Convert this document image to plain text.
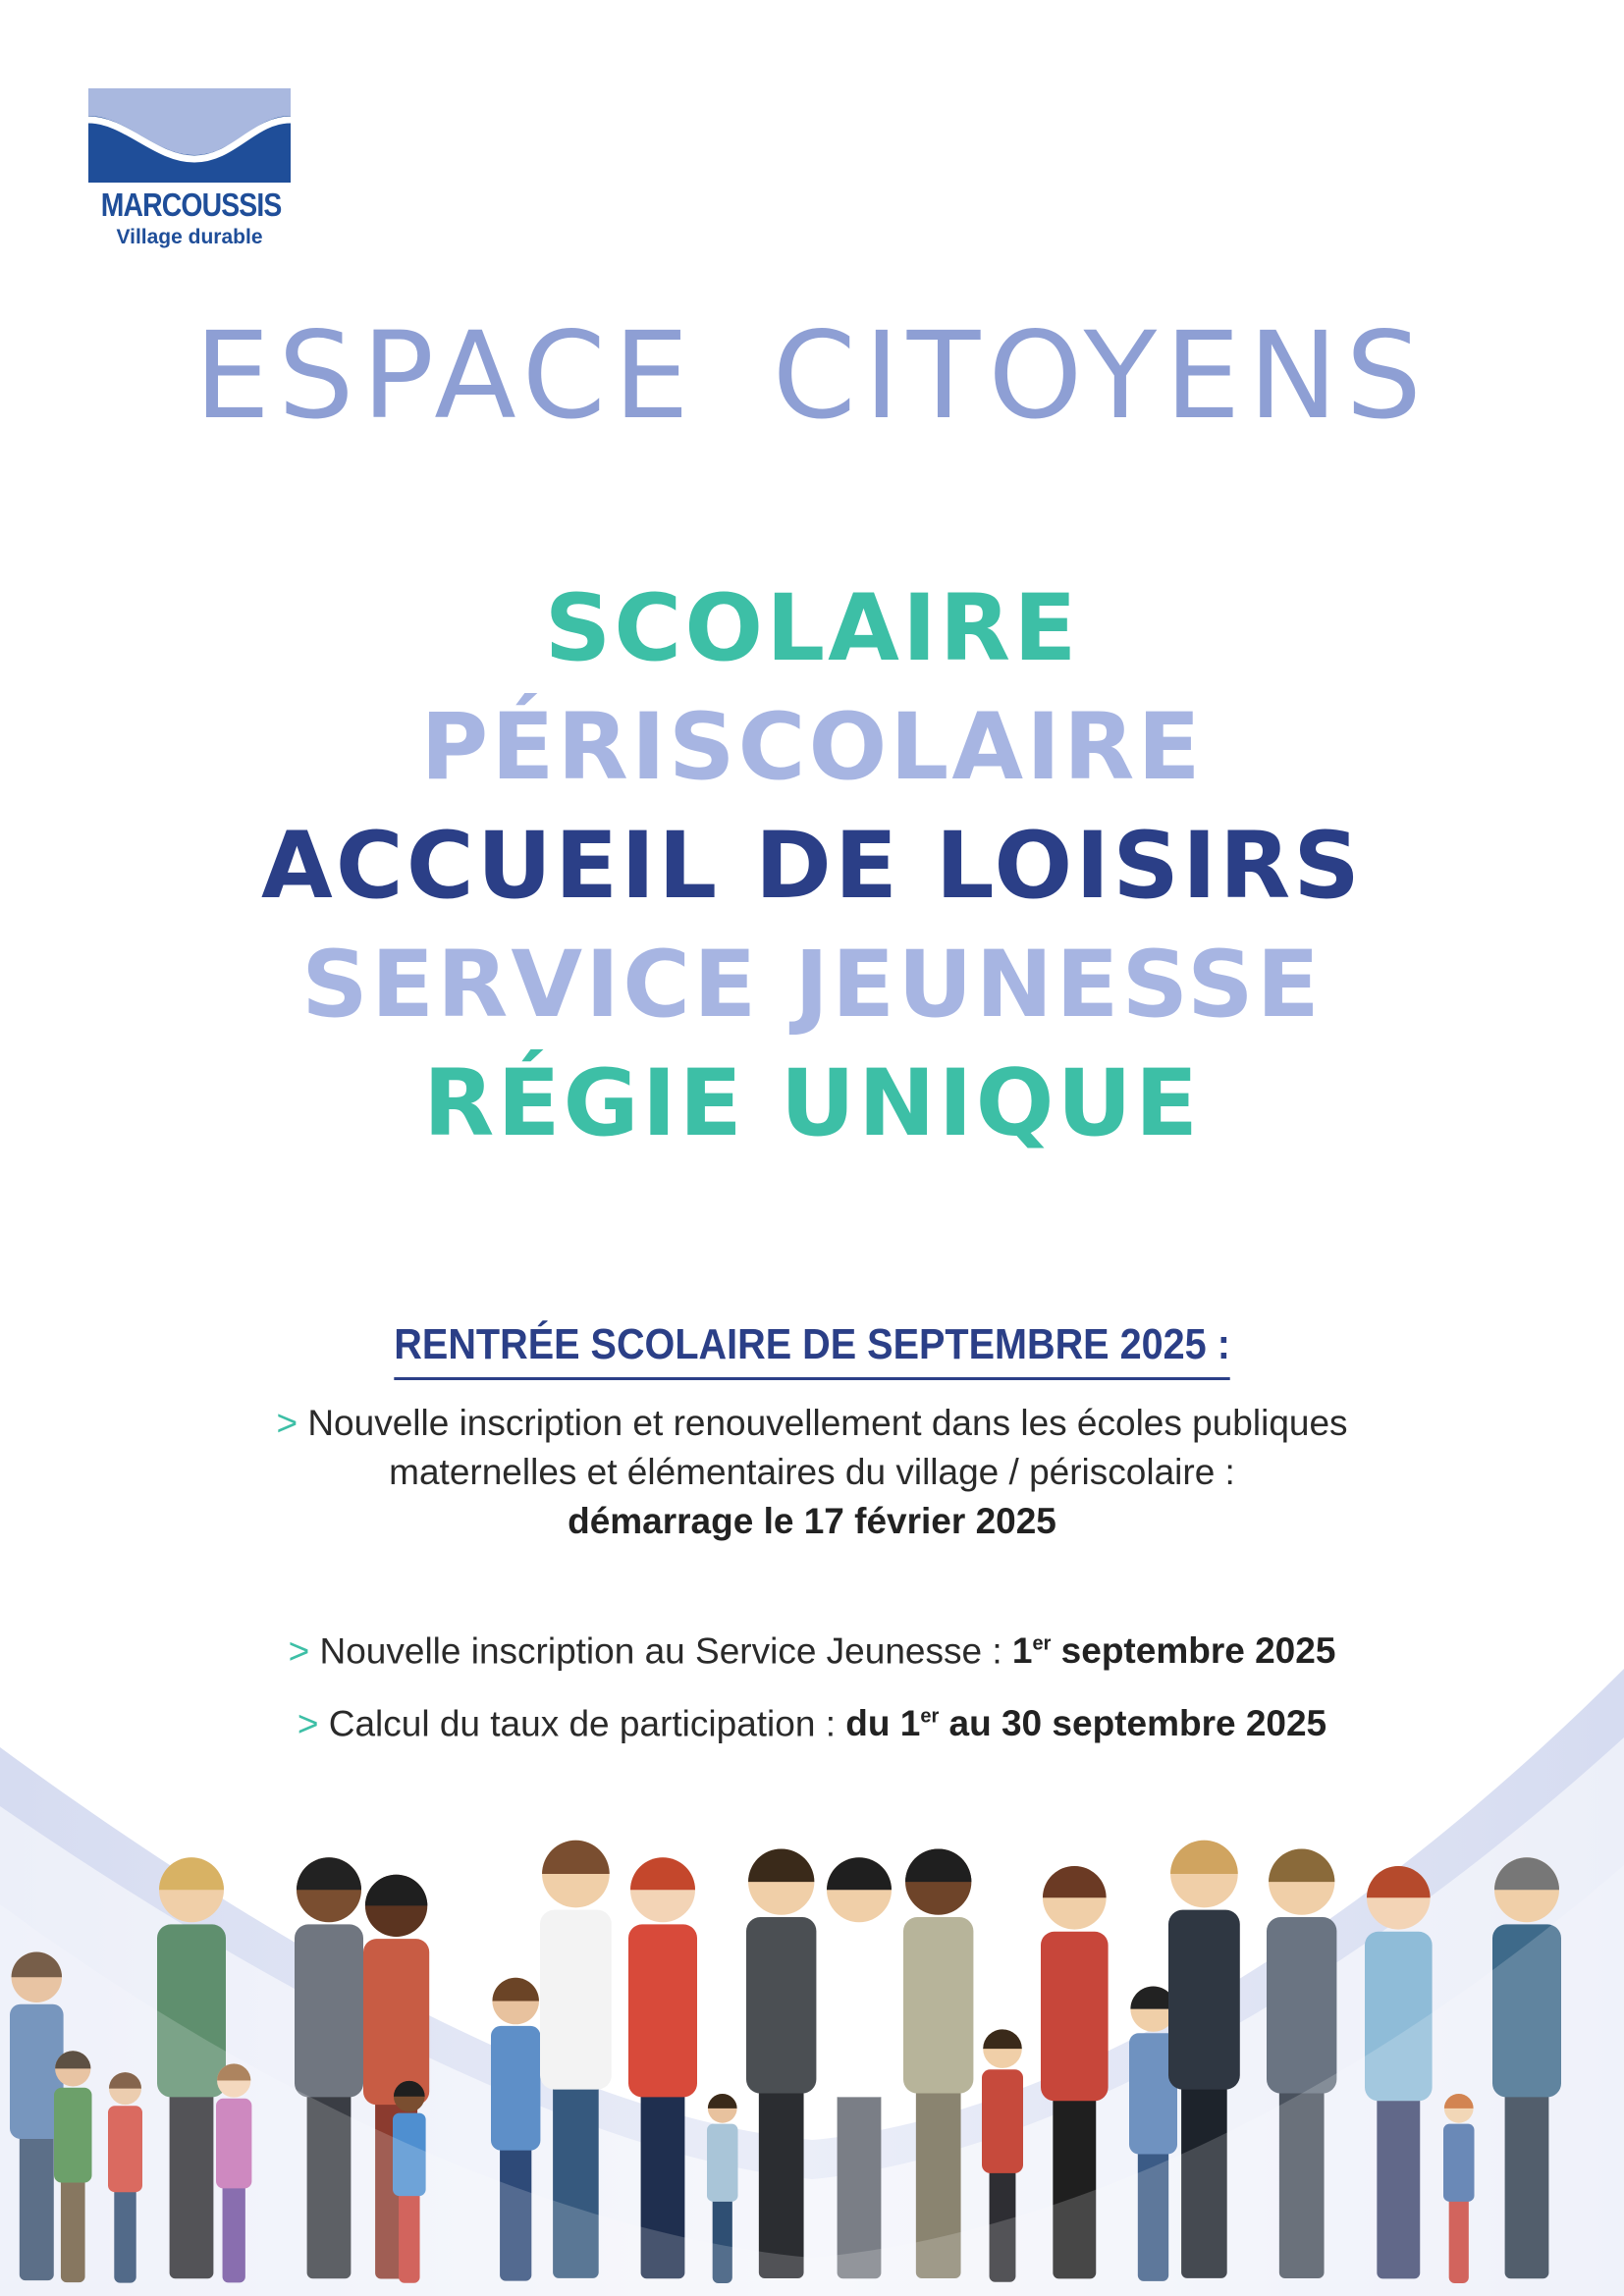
MARCOUSSIS
Village durable
ESPACE CITOYENS
SCOLAIRE
PÉRISCOLAIRE
ACCUEIL DE LOISIRS
SERVICE JEUNESSE
RÉGIE UNIQUE
RENTRÉE SCOLAIRE DE SEPTEMBRE 2025 :
> Nouvelle inscription et renouvellement dans les écoles publiques
maternelles et élémentaires du village / périscolaire :
démarrage le 17 février 2025
> Nouvelle inscription au Service Jeunesse : 1er septembre 2025
> Calcul du taux de participation : du 1er au 30 septembre 2025
